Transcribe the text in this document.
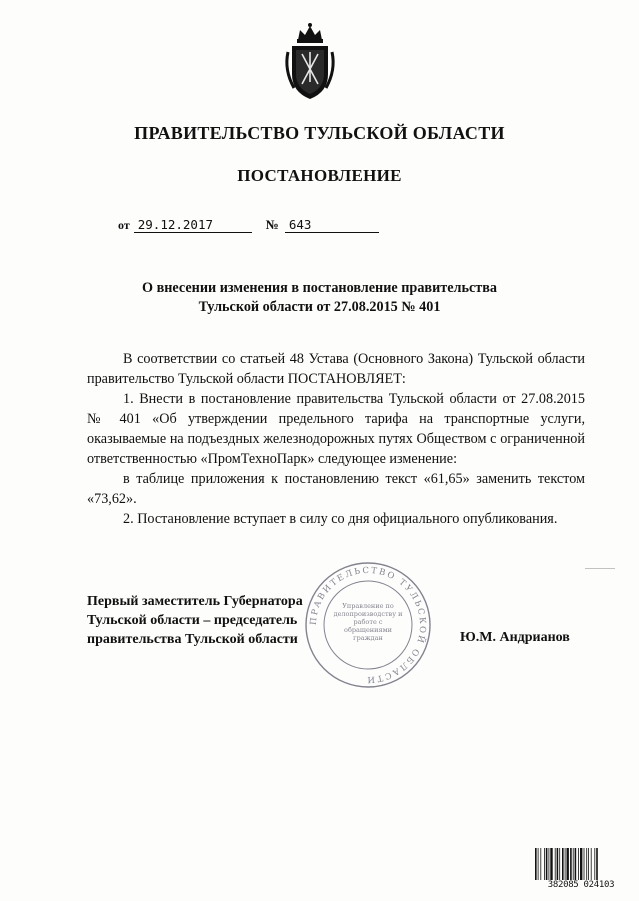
ПРАВИТЕЛЬСТВО ТУЛЬСКОЙ ОБЛАСТИ
ПОСТАНОВЛЕНИЕ
от 29.12.2017	№ 643
О внесении изменения в постановление правительства
Тульской области от 27.08.2015 № 401

В соответствии со статьей 48 Устава (Основного Закона) Тульской области правительство Тульской области ПОСТАНОВЛЯЕТ:

1. Внести в постановление правительства Тульской области от 27.08.2015 № 401 «Об утверждении предельного тарифа на транспортные услуги, оказываемые на подъездных железнодорожных путях Обществом с ограниченной ответственностью «ПромТехноПарк» следующее изменение:

в таблице приложения к постановлению текст «61,65» заменить текстом «73,62».

2. Постановление вступает в силу со дня официального опубликования.

ПРАВИТЕЛЬСТВО ТУЛЬСКОЙ ОБЛАСТИ
Управление по делопроизводству и работе с обращениями граждан
Первый заместитель Губернатора
Тульской области – председатель
правительства Тульской области	Ю.М. Андрианов
382085 024103
